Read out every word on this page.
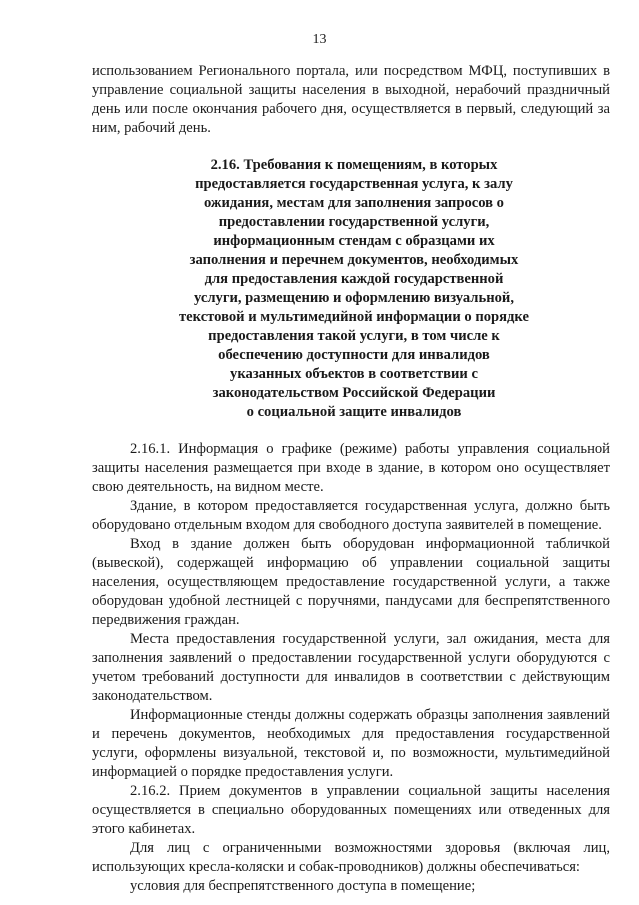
13

использованием Регионального портала, или посредством МФЦ, поступивших в управление социальной защиты населения в выходной, нерабочий праздничный день или после окончания рабочего дня, осуществляется в первый, следующий за ним, рабочий день.

2.16. Требования к помещениям, в которых
предоставляется государственная услуга, к залу
ожидания, местам для заполнения запросов о
предоставлении государственной услуги,
информационным стендам с образцами их
заполнения и перечнем документов, необходимых
для предоставления каждой государственной
услуги, размещению и оформлению визуальной,
текстовой и мультимедийной информации о порядке
предоставления такой услуги, в том числе к
обеспечению доступности для инвалидов
указанных объектов в соответствии с
законодательством Российской Федерации
о социальной защите инвалидов

2.16.1. Информация о графике (режиме) работы управления социальной защиты населения размещается при входе в здание, в котором оно осуществляет свою деятельность, на видном месте.

Здание, в котором предоставляется государственная услуга, должно быть оборудовано отдельным входом для свободного доступа заявителей в помещение.

Вход в здание должен быть оборудован информационной табличкой (вывеской), содержащей информацию об управлении социальной защиты населения, осуществляющем предоставление государственной услуги, а также оборудован удобной лестницей с поручнями, пандусами для беспрепятственного передвижения граждан.

Места предоставления государственной услуги, зал ожидания, места для заполнения заявлений о предоставлении государственной услуги оборудуются с учетом требований доступности для инвалидов в соответствии с действующим законодательством.

Информационные стенды должны содержать образцы заполнения заявлений и перечень документов, необходимых для предоставления государственной услуги, оформлены визуальной, текстовой и, по возможности, мультимедийной информацией о порядке предоставления услуги.

2.16.2. Прием документов в управлении социальной защиты населения осуществляется в специально оборудованных помещениях или отведенных для этого кабинетах.

Для лиц с ограниченными возможностями здоровья (включая лиц, использующих кресла-коляски и собак-проводников) должны обеспечиваться:

условия для беспрепятственного доступа в помещение;
